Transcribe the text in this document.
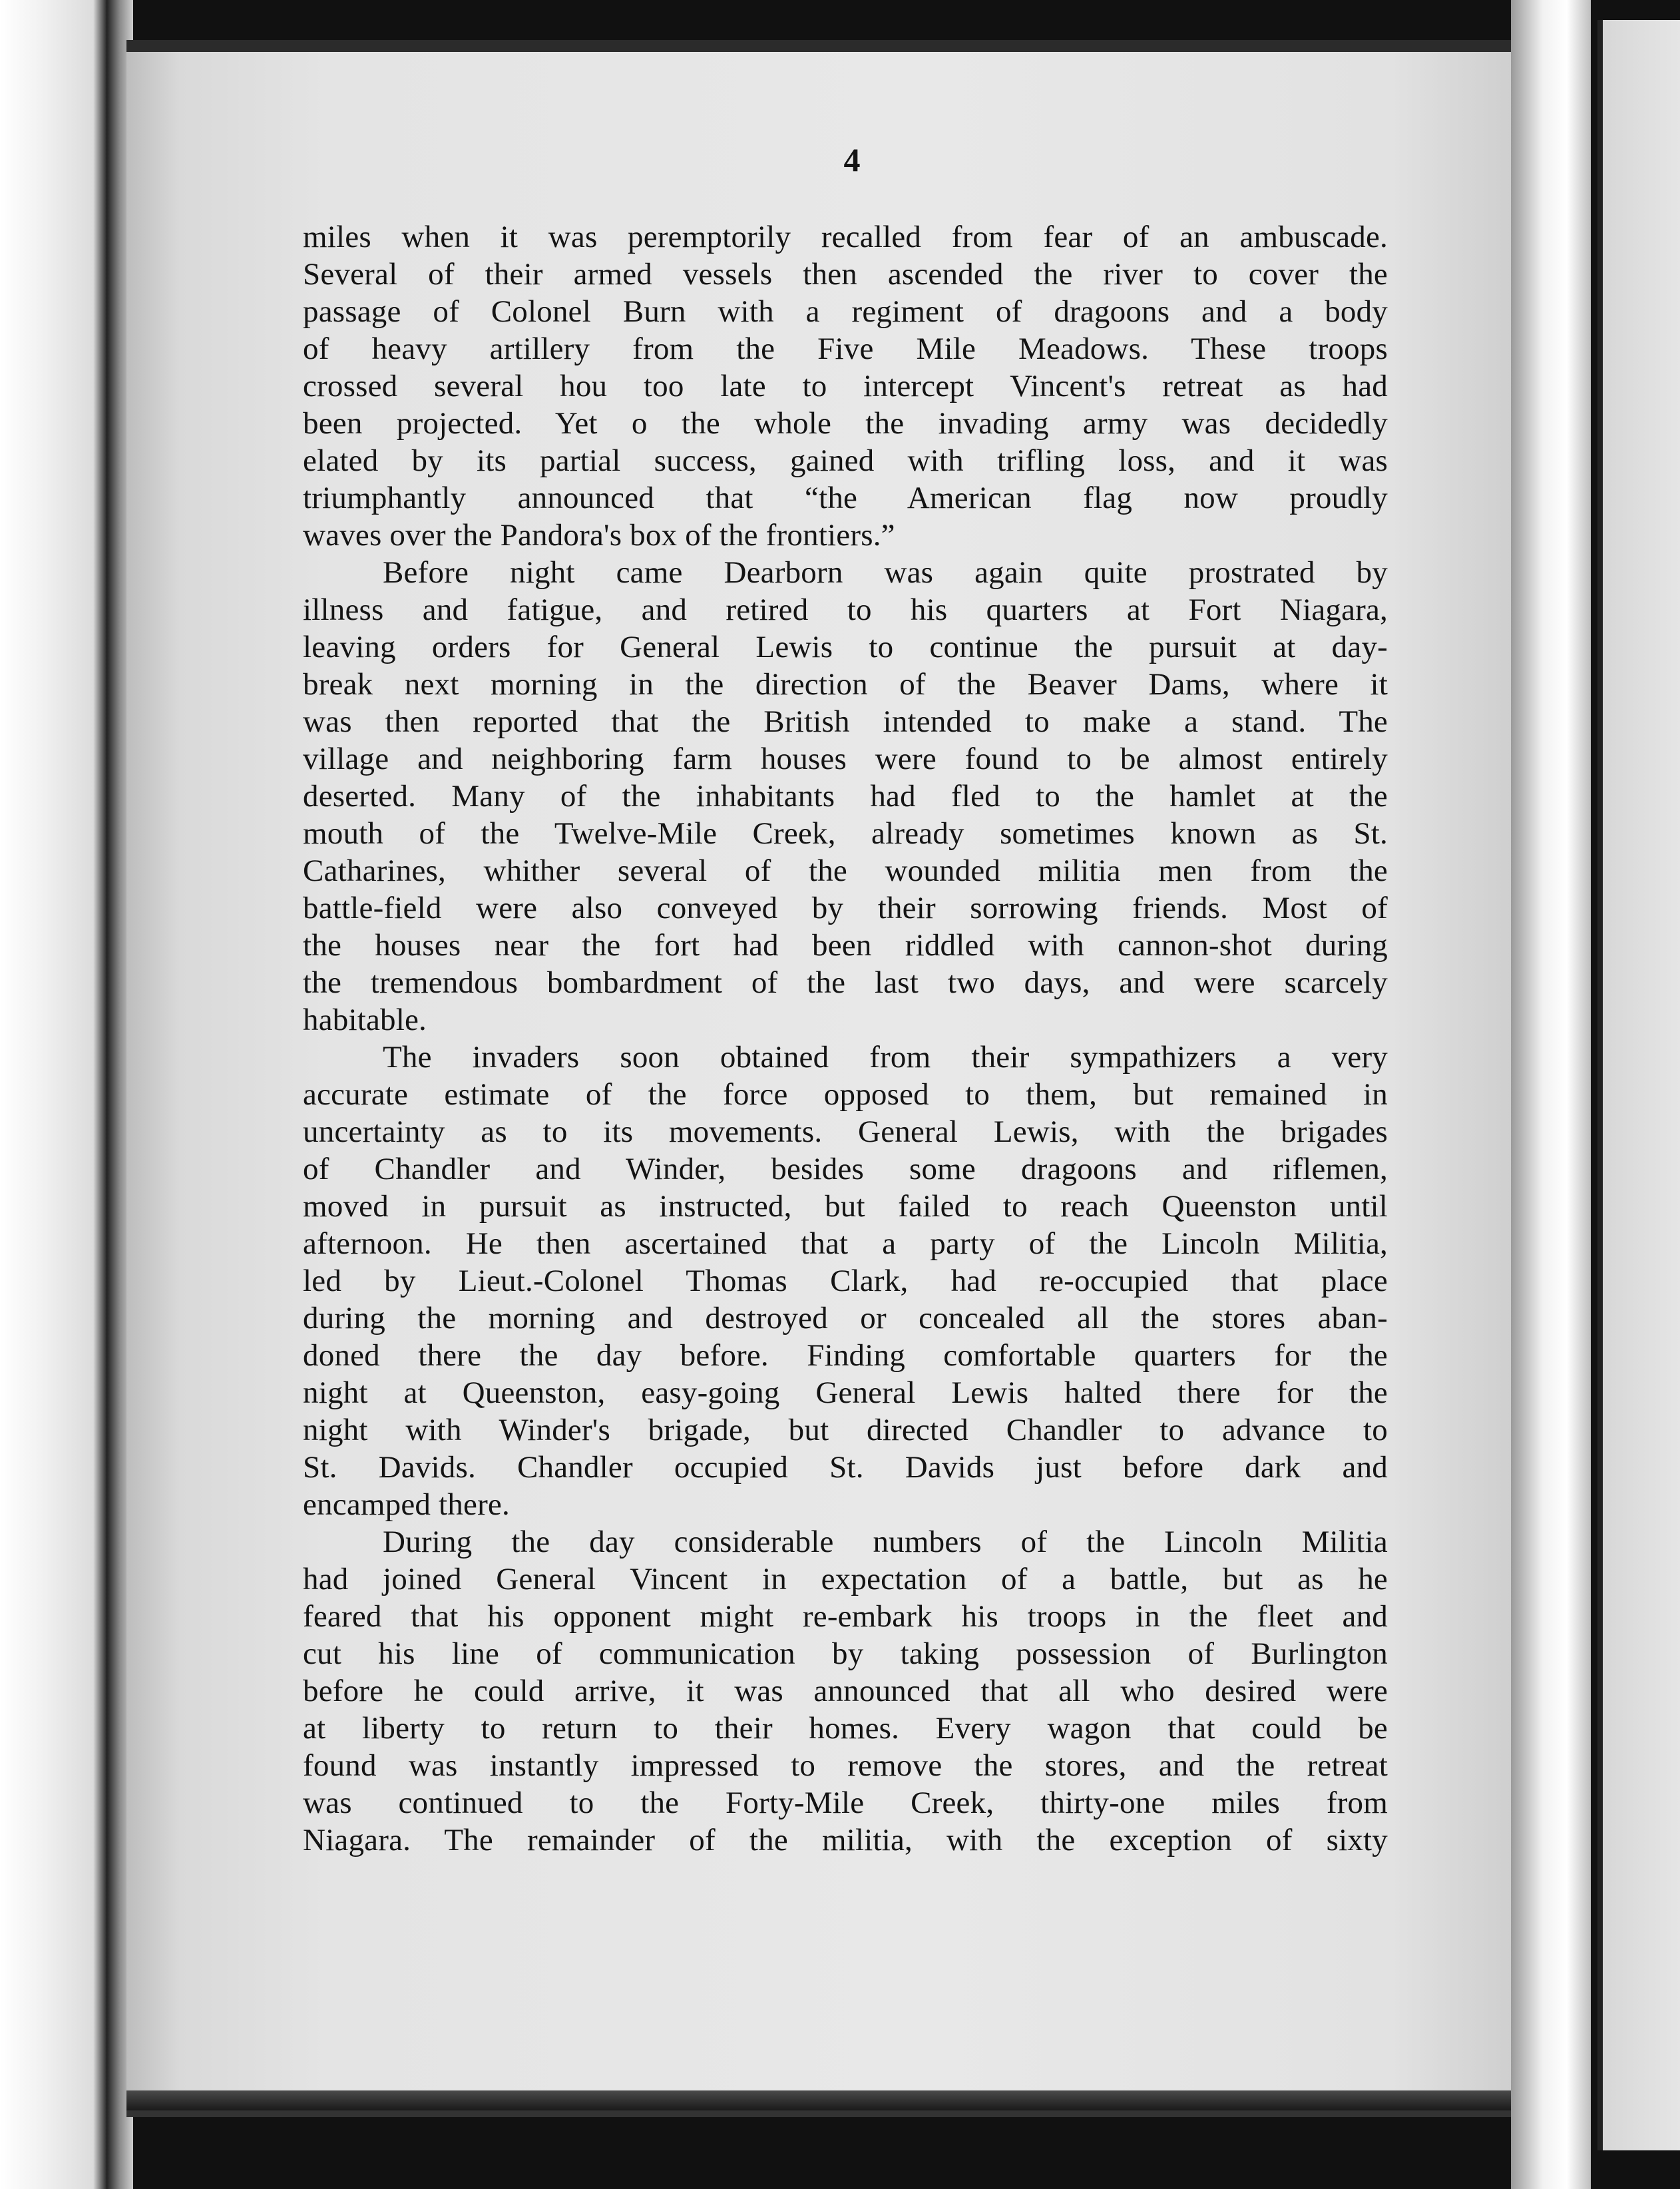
4
miles when it was peremptorily recalled from fear of an ambuscade.
Several of their armed vessels then ascended the river to cover the
passage of Colonel Burn with a regiment of dragoons and a body
of heavy artillery from the Five Mile Meadows. These troops
crossed several hou too late to intercept Vincent's retreat as had
been projected. Yet o the whole the invading army was decidedly
elated by its partial success, gained with trifling loss, and it was
triumphantly announced that “the American flag now proudly
waves over the Pandora's box of the frontiers.”
Before night came Dearborn was again quite prostrated by
illness and fatigue, and retired to his quarters at Fort Niagara,
leaving orders for General Lewis to continue the pursuit at day-
break next morning in the direction of the Beaver Dams, where it
was then reported that the British intended to make a stand. The
village and neighboring farm houses were found to be almost entirely
deserted. Many of the inhabitants had fled to the hamlet at the
mouth of the Twelve-Mile Creek, already sometimes known as St.
Catharines, whither several of the wounded militia men from the
battle-field were also conveyed by their sorrowing friends. Most of
the houses near the fort had been riddled with cannon-shot during
the tremendous bombardment of the last two days, and were scarcely
habitable.
The invaders soon obtained from their sympathizers a very
accurate estimate of the force opposed to them, but remained in
uncertainty as to its movements. General Lewis, with the brigades
of Chandler and Winder, besides some dragoons and riflemen,
moved in pursuit as instructed, but failed to reach Queenston until
afternoon. He then ascertained that a party of the Lincoln Militia,
led by Lieut.-Colonel Thomas Clark, had re-occupied that place
during the morning and destroyed or concealed all the stores aban-
doned there the day before. Finding comfortable quarters for the
night at Queenston, easy-going General Lewis halted there for the
night with Winder's brigade, but directed Chandler to advance to
St. Davids. Chandler occupied St. Davids just before dark and
encamped there.
During the day considerable numbers of the Lincoln Militia
had joined General Vincent in expectation of a battle, but as he
feared that his opponent might re-embark his troops in the fleet and
cut his line of communication by taking possession of Burlington
before he could arrive, it was announced that all who desired were
at liberty to return to their homes. Every wagon that could be
found was instantly impressed to remove the stores, and the retreat
was continued to the Forty-Mile Creek, thirty-one miles from
Niagara. The remainder of the militia, with the exception of sixty
